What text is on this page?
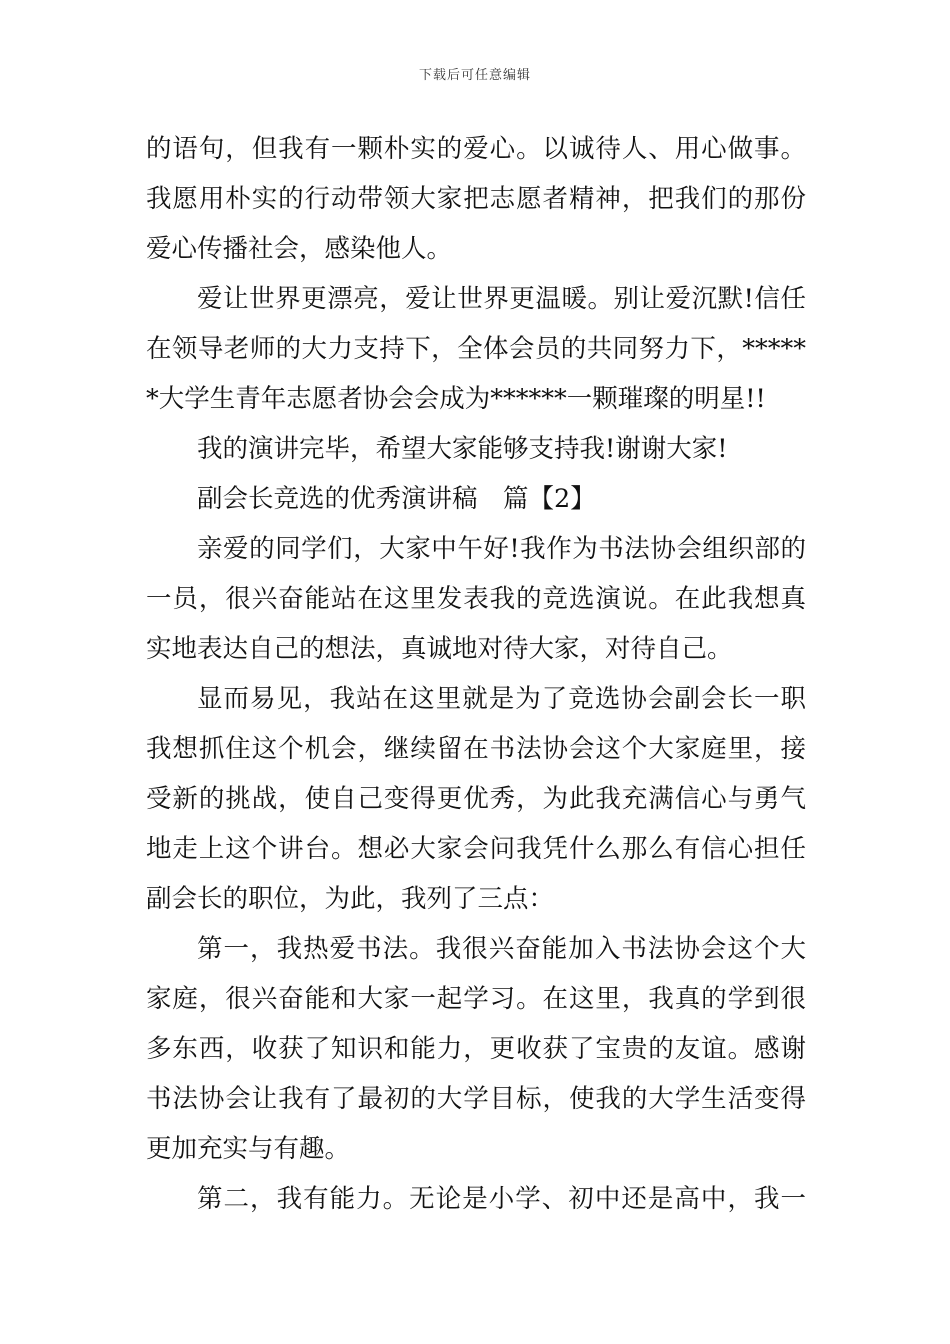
下载后可任意编辑
的语句，但我有一颗朴实的爱心。以诚待人、用心做事。
我愿用朴实的行动带领大家把志愿者精神，把我们的那份
爱心传播社会，感染他人。
爱让世界更漂亮，爱让世界更温暖。别让爱沉默!信任
在领导老师的大力支持下，全体会员的共同努力下，*****
*大学生青年志愿者协会会成为******一颗璀璨的明星!!
我的演讲完毕，希望大家能够支持我!谢谢大家!
副会长竞选的优秀演讲稿　篇【2】
亲爱的同学们，大家中午好!我作为书法协会组织部的
一员，很兴奋能站在这里发表我的竞选演说。在此我想真
实地表达自己的想法，真诚地对待大家，对待自己。
显而易见，我站在这里就是为了竞选协会副会长一职
我想抓住这个机会，继续留在书法协会这个大家庭里，接
受新的挑战，使自己变得更优秀，为此我充满信心与勇气
地走上这个讲台。想必大家会问我凭什么那么有信心担任
副会长的职位，为此，我列了三点：
第一，我热爱书法。我很兴奋能加入书法协会这个大
家庭，很兴奋能和大家一起学习。在这里，我真的学到很
多东西，收获了知识和能力，更收获了宝贵的友谊。感谢
书法协会让我有了最初的大学目标，使我的大学生活变得
更加充实与有趣。
第二，我有能力。无论是小学、初中还是高中，我一
